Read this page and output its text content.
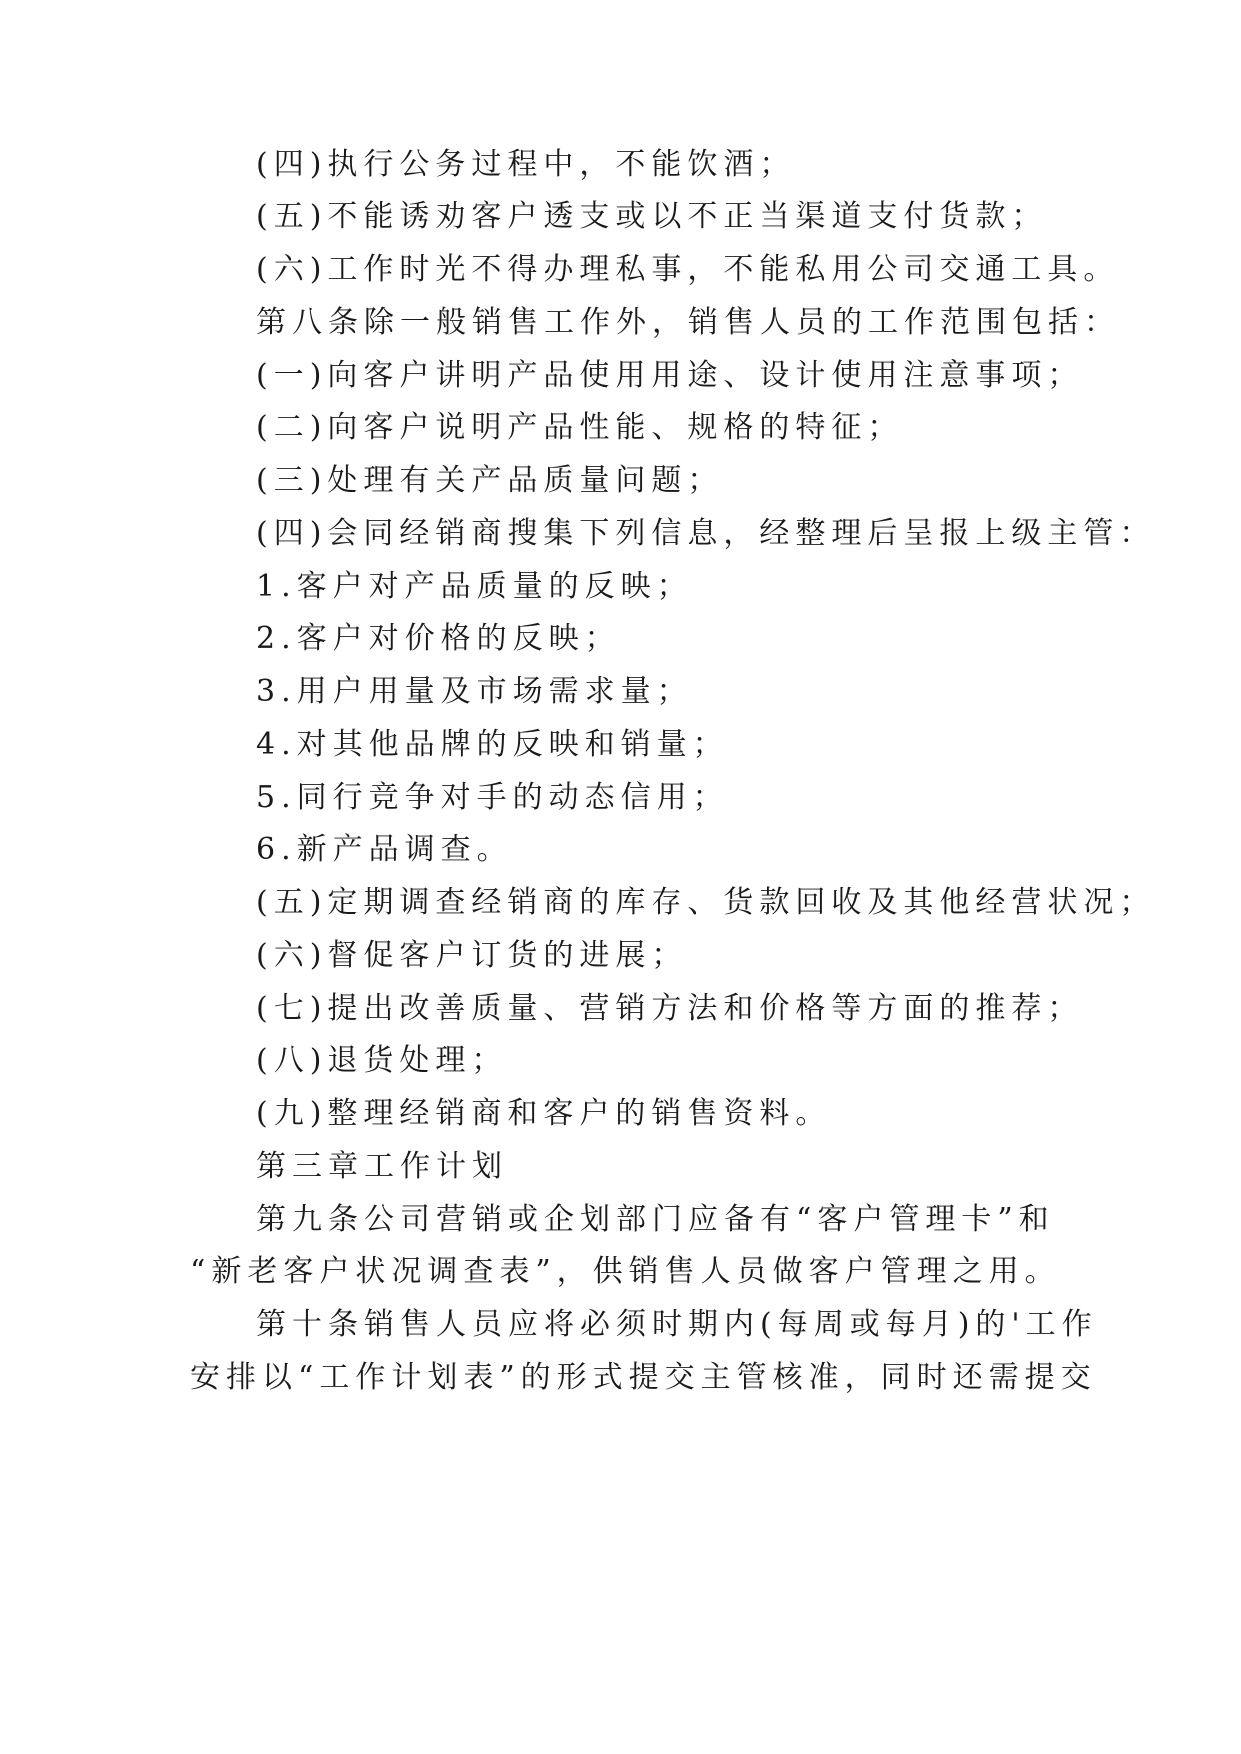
(四)执行公务过程中，不能饮酒；
(五)不能诱劝客户透支或以不正当渠道支付货款；
(六)工作时光不得办理私事，不能私用公司交通工具。
第八条除一般销售工作外，销售人员的工作范围包括：
(一)向客户讲明产品使用用途、设计使用注意事项；
(二)向客户说明产品性能、规格的特征；
(三)处理有关产品质量问题；
(四)会同经销商搜集下列信息，经整理后呈报上级主管：
1.客户对产品质量的反映；
2.客户对价格的反映；
3.用户用量及市场需求量；
4.对其他品牌的反映和销量；
5.同行竞争对手的动态信用；
6.新产品调查。
(五)定期调查经销商的库存、货款回收及其他经营状况；
(六)督促客户订货的进展；
(七)提出改善质量、营销方法和价格等方面的推荐；
(八)退货处理；
(九)整理经销商和客户的销售资料。
第三章工作计划
第九条公司营销或企划部门应备有“客户管理卡”和
“新老客户状况调查表”，供销售人员做客户管理之用。
第十条销售人员应将必须时期内(每周或每月)的'工作
安排以“工作计划表”的形式提交主管核准，同时还需提交
